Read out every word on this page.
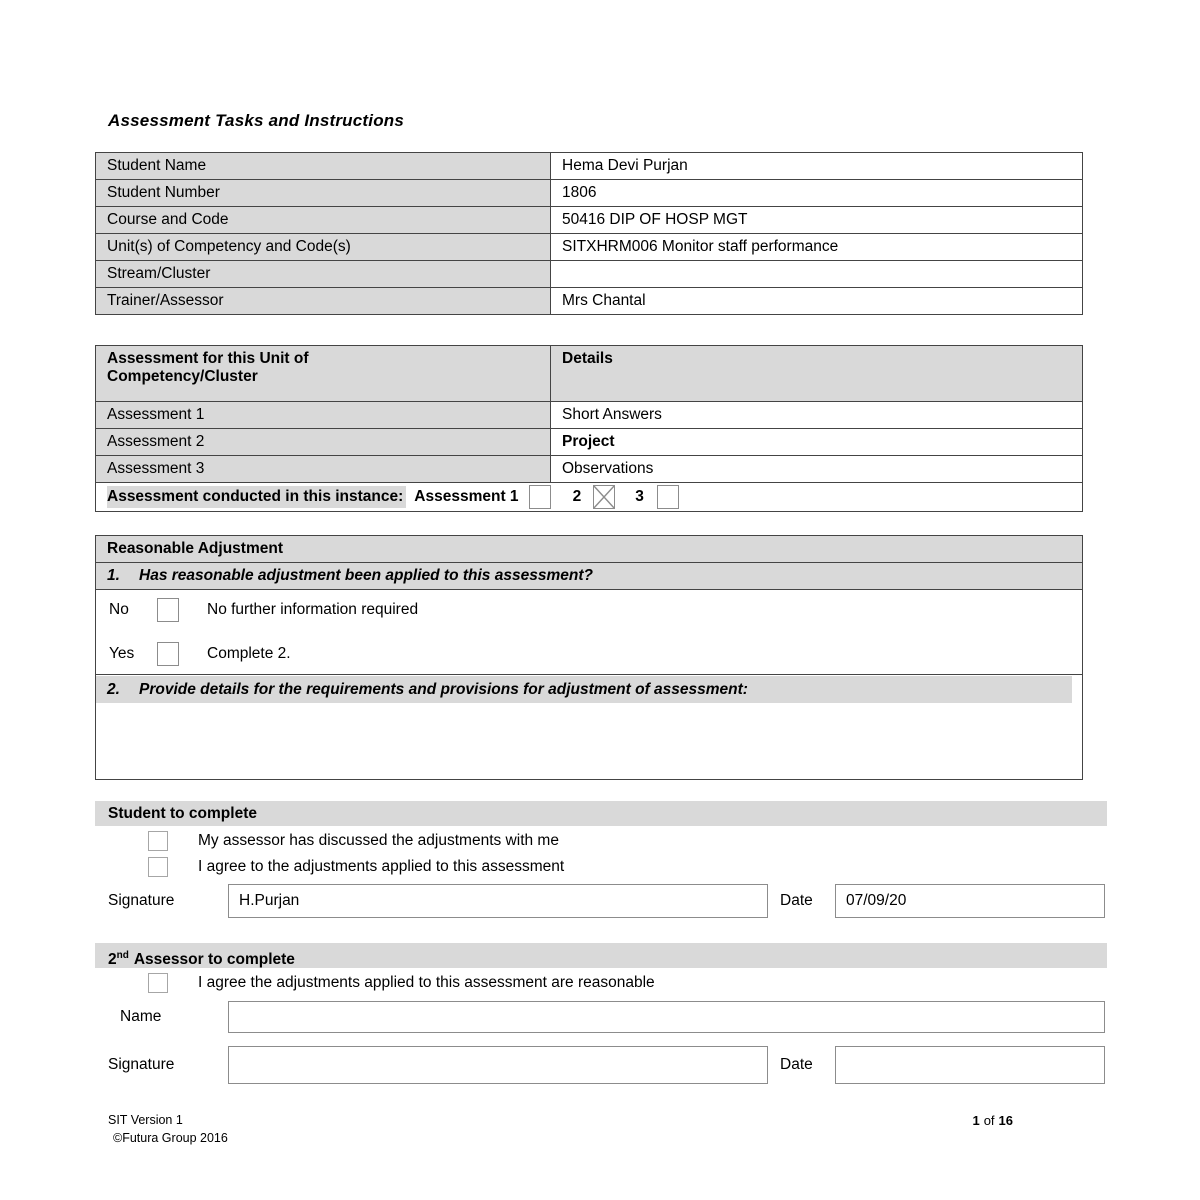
Assessment Tasks and Instructions
Student Name	Hema Devi Purjan
Student Number	1806
Course and Code	50416 DIP OF HOSP MGT
Unit(s) of Competency and Code(s)	SITXHRM006 Monitor staff performance
Stream/Cluster	
Trainer/Assessor	Mrs Chantal
Assessment for this Unit of
Competency/Cluster	Details
Assessment 1	Short Answers
Assessment 2	Project
Assessment 3	Observations

Assessment conducted in this instance: Assessment 1 2 3	
Reasonable Adjustment
1. Has reasonable adjustment been applied to this assessment?

No	No further information required
Yes	Complete 2.

2. Provide details for the requirements and provisions for adjustment of assessment:
Student to complete
My assessor has discussed the adjustments with me
I agree to the adjustments applied to this assessment
Signature	H.Purjan	Date	07/09/20
2nd Assessor to complete
I agree the adjustments applied to this assessment are reasonable
Name
Signature	Date
SIT Version 1
©Futura Group 2016
1 of 16
